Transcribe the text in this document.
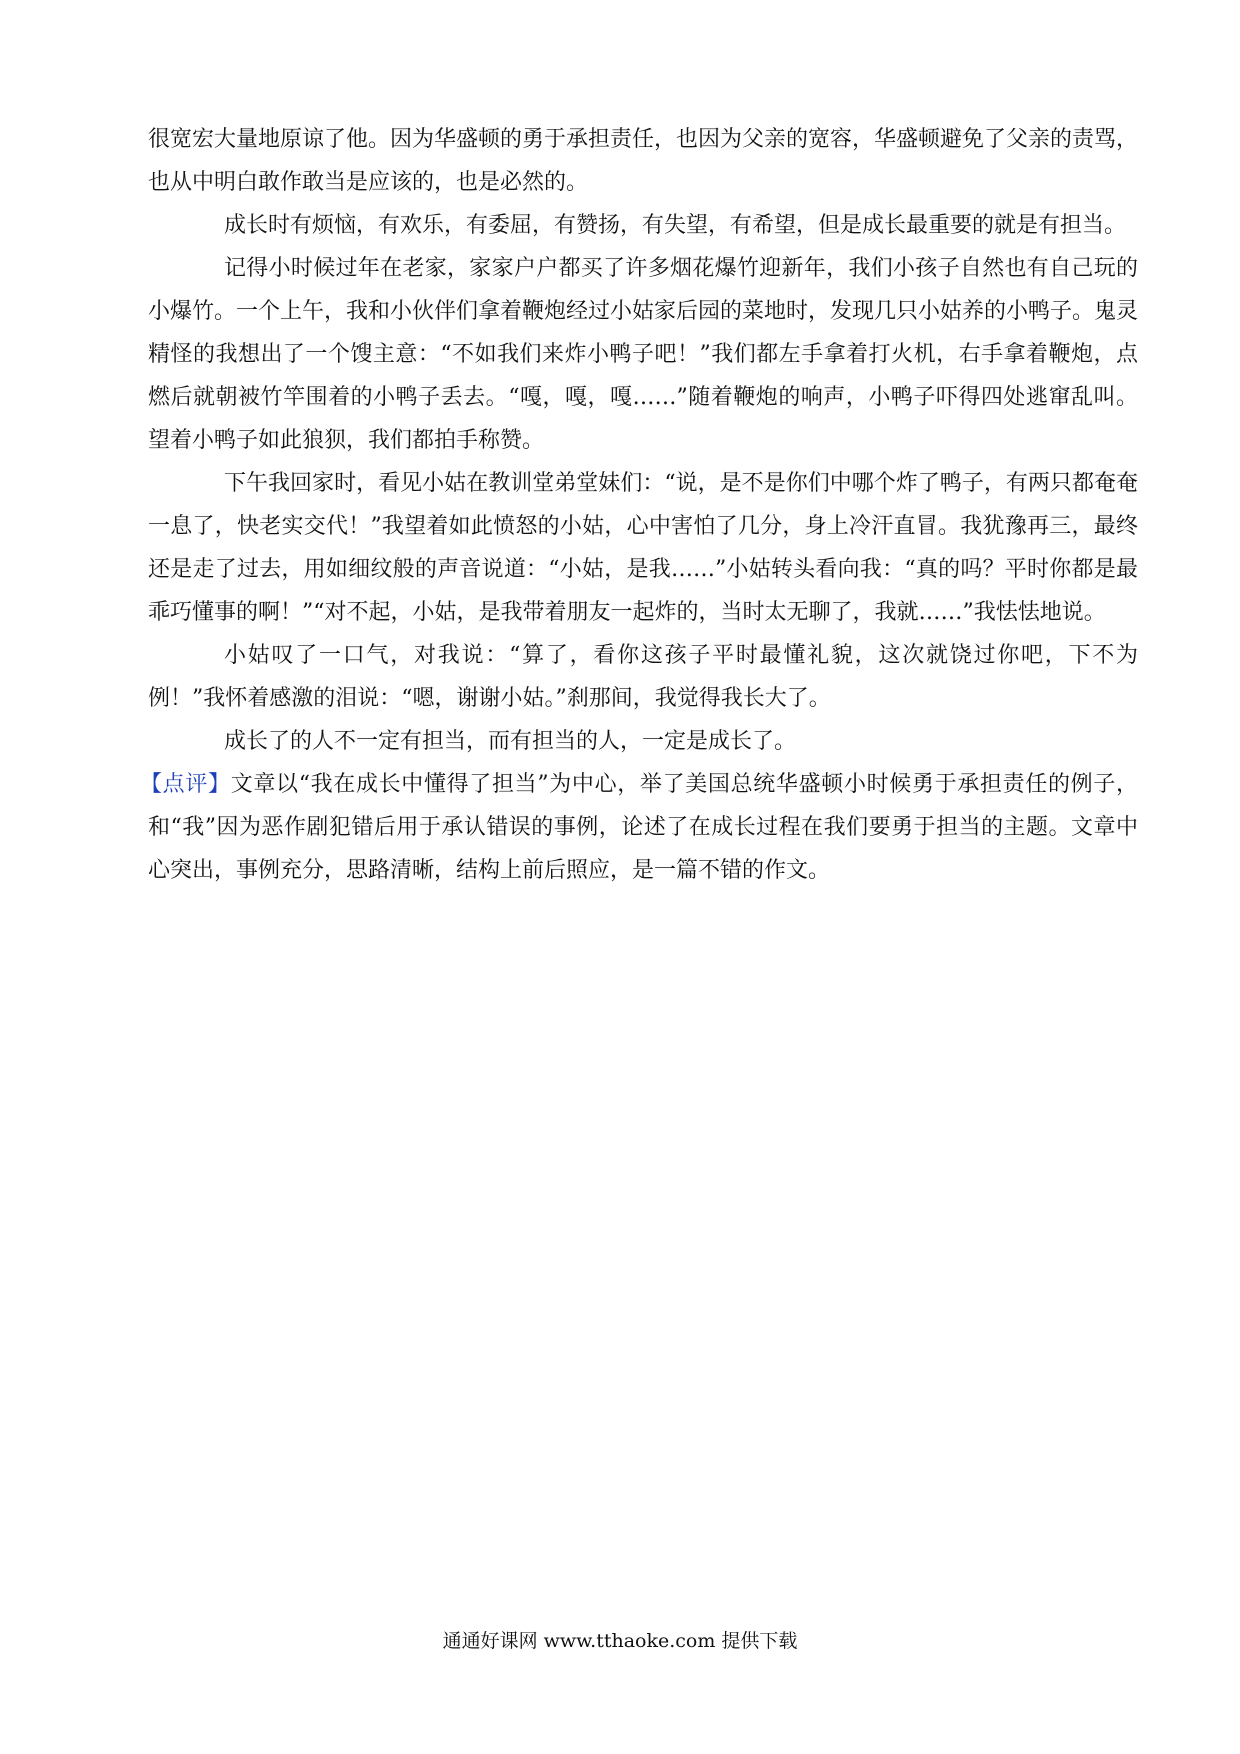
很宽宏大量地原谅了他。因为华盛顿的勇于承担责任，也因为父亲的宽容，华盛顿避免了父亲的责骂，也从中明白敢作敢当是应该的，也是必然的。

成长时有烦恼，有欢乐，有委屈，有赞扬，有失望，有希望，但是成长最重要的就是有担当。

记得小时候过年在老家，家家户户都买了许多烟花爆竹迎新年，我们小孩子自然也有自己玩的小爆竹。一个上午，我和小伙伴们拿着鞭炮经过小姑家后园的菜地时，发现几只小姑养的小鸭子。鬼灵精怪的我想出了一个馊主意：“不如我们来炸小鸭子吧！”我们都左手拿着打火机，右手拿着鞭炮，点燃后就朝被竹竿围着的小鸭子丢去。“嘎，嘎，嘎……”随着鞭炮的响声，小鸭子吓得四处逃窜乱叫。望着小鸭子如此狼狈，我们都拍手称赞。

下午我回家时，看见小姑在教训堂弟堂妹们：“说，是不是你们中哪个炸了鸭子，有两只都奄奄一息了，快老实交代！”我望着如此愤怒的小姑，心中害怕了几分，身上冷汗直冒。我犹豫再三，最终还是走了过去，用如细纹般的声音说道：“小姑，是我……”小姑转头看向我：“真的吗？平时你都是最乖巧懂事的啊！”“对不起，小姑，是我带着朋友一起炸的，当时太无聊了，我就……”我怯怯地说。

小姑叹了一口气，对我说：“算了，看你这孩子平时最懂礼貌，这次就饶过你吧，下不为例！”我怀着感激的泪说：“嗯，谢谢小姑。”刹那间，我觉得我长大了。

成长了的人不一定有担当，而有担当的人，一定是成长了。

【点评】文章以“我在成长中懂得了担当”为中心，举了美国总统华盛顿小时候勇于承担责任的例子，和“我”因为恶作剧犯错后用于承认错误的事例，论述了在成长过程在我们要勇于担当的主题。文章中心突出，事例充分，思路清晰，结构上前后照应，是一篇不错的作文。

通通好课网 www.tthaoke.com 提供下载
